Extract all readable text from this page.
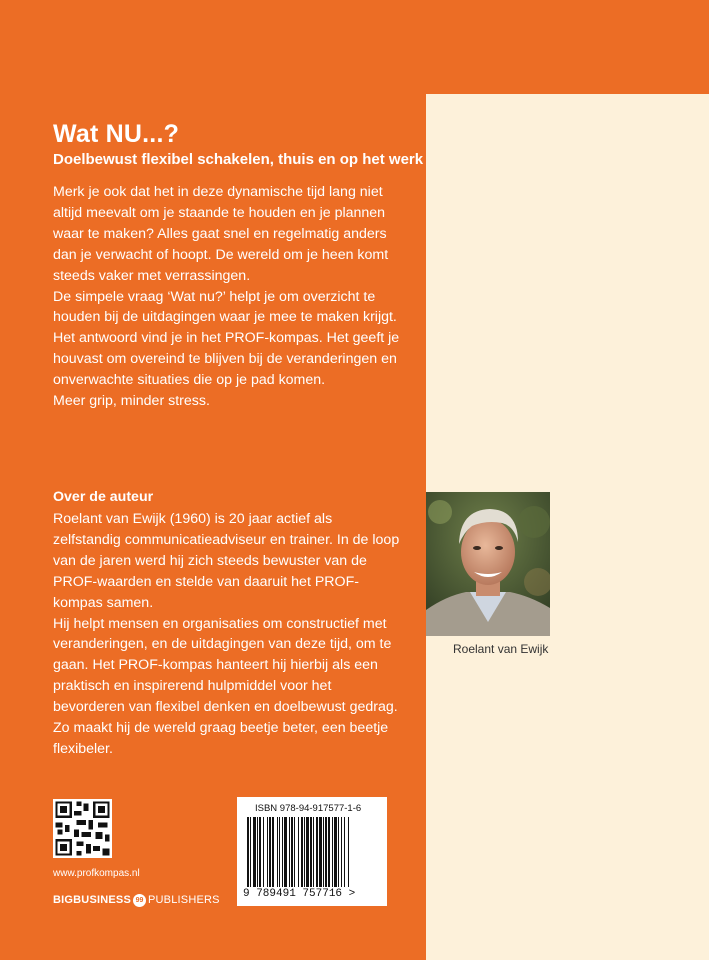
Wat NU...?
Doelbewust flexibel schakelen, thuis en op het werk

Merk je ook dat het in deze dynamische tijd lang niet altijd meevalt om je staande te houden en je plannen waar te maken? Alles gaat snel en regelmatig anders dan je verwacht of hoopt. De wereld om je heen komt steeds vaker met verrassingen.

De simpele vraag ‘Wat nu?’ helpt je om overzicht te houden bij de uitdagingen waar je mee te maken krijgt.

Het antwoord vind je in het PROF-kompas. Het geeft je houvast om overeind te blijven bij de veranderingen en onverwachte situaties die op je pad komen.

Meer grip, minder stress.

Over de auteur

Roelant van Ewijk (1960) is 20 jaar actief als zelfstandig communicatieadviseur en trainer. In de loop van de jaren werd hij zich steeds bewuster van de PROF-waarden en stelde van daaruit het PROF-kompas samen.

Hij helpt mensen en organisaties om constructief met veranderingen, en de uitdagingen van deze tijd, om te gaan. Het PROF-kompas hanteert hij hierbij als een praktisch en inspirerend hulpmiddel voor het bevorderen van flexibel denken en doelbewust gedrag.

Zo maakt hij de wereld graag beetje beter, een beetje flexibeler.

Roelant van Ewijk
www.profkompas.nl
BIGBUSINESS 99 PUBLISHERS
ISBN 978-94-917577-1-6
9 789491 757716 >
